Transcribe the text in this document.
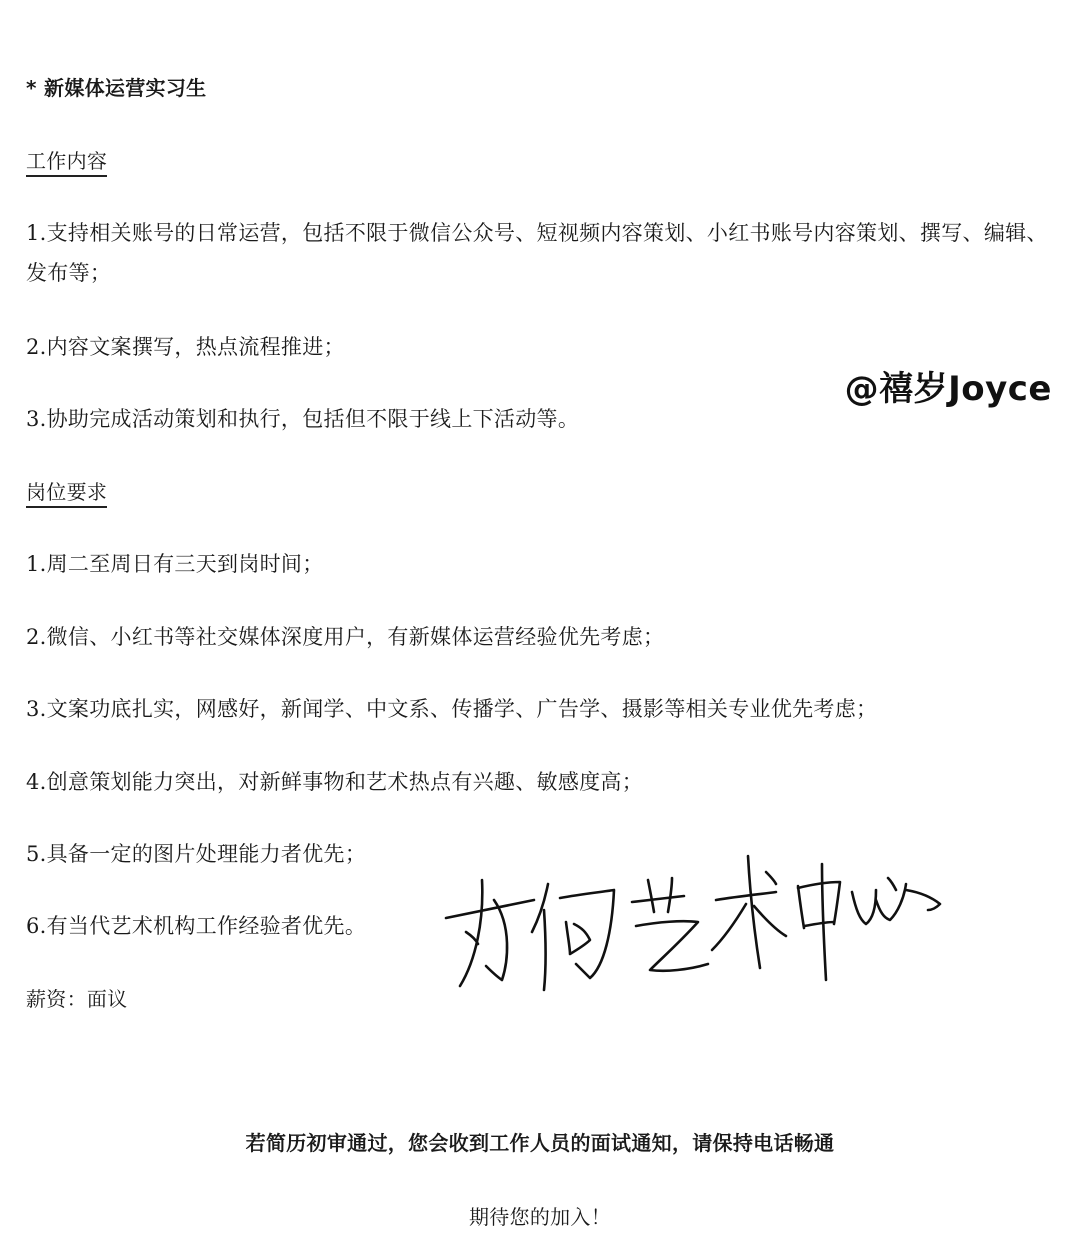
* 新媒体运营实习生

工作内容

1.支持相关账号的日常运营，包括不限于微信公众号、短视频内容策划、小红书账号内容策划、撰写、编辑、发布等；

2.内容文案撰写，热点流程推进；

3.协助完成活动策划和执行，包括但不限于线上下活动等。

岗位要求

1.周二至周日有三天到岗时间；

2.微信、小红书等社交媒体深度用户，有新媒体运营经验优先考虑；

3.文案功底扎实，网感好，新闻学、中文系、传播学、广告学、摄影等相关专业优先考虑；

4.创意策划能力突出，对新鲜事物和艺术热点有兴趣、敏感度高；

5.具备一定的图片处理能力者优先；

6.有当代艺术机构工作经验者优先。

薪资：面议

若简历初审通过，您会收到工作人员的面试通知，请保持电话畅通

期待您的加入！

@禧岁Joyce
